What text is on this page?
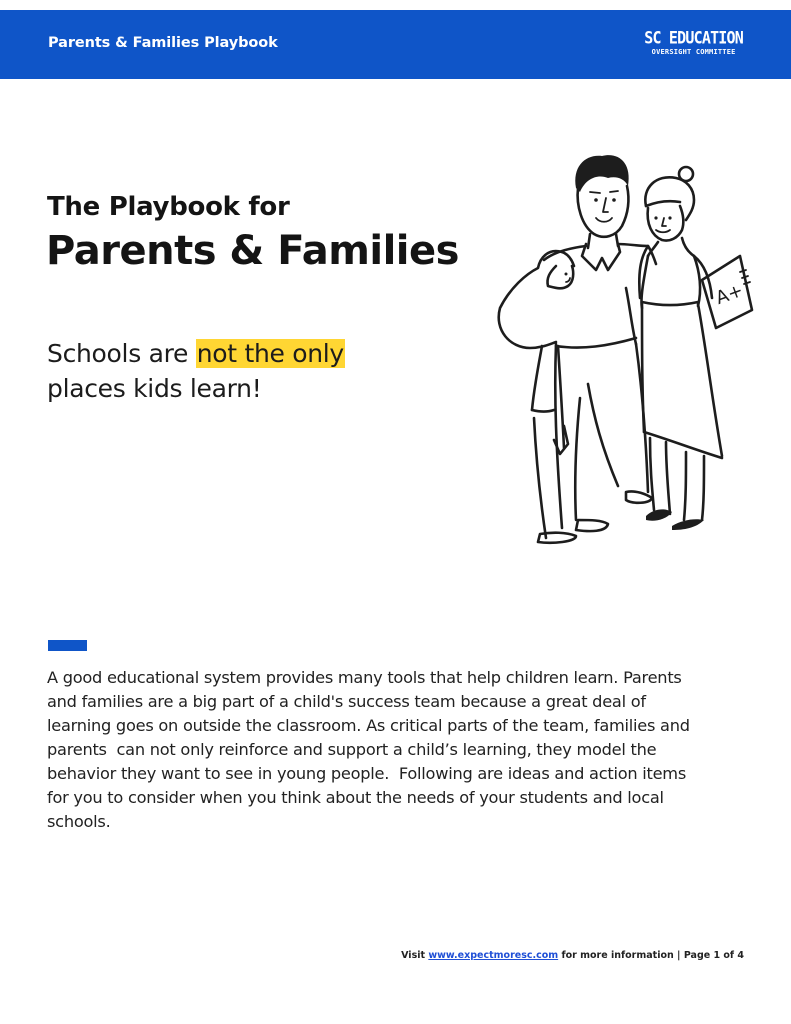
Parents & Families Playbook	SC EDUCATION
OVERSIGHT COMMITTEE
The Playbook for
Parents & Families
Schools are not the only
places kids learn!
A+
A good educational system provides many tools that help children learn. Parents
and families are a big part of a child's success team because a great deal of
learning goes on outside the classroom. As critical parts of the team, families and
parents  can not only reinforce and support a child’s learning, they model the
behavior they want to see in young people.  Following are ideas and action items
for you to consider when you think about the needs of your students and local
schools.
Visit www.expectmoresc.com for more information | Page 1 of 4
